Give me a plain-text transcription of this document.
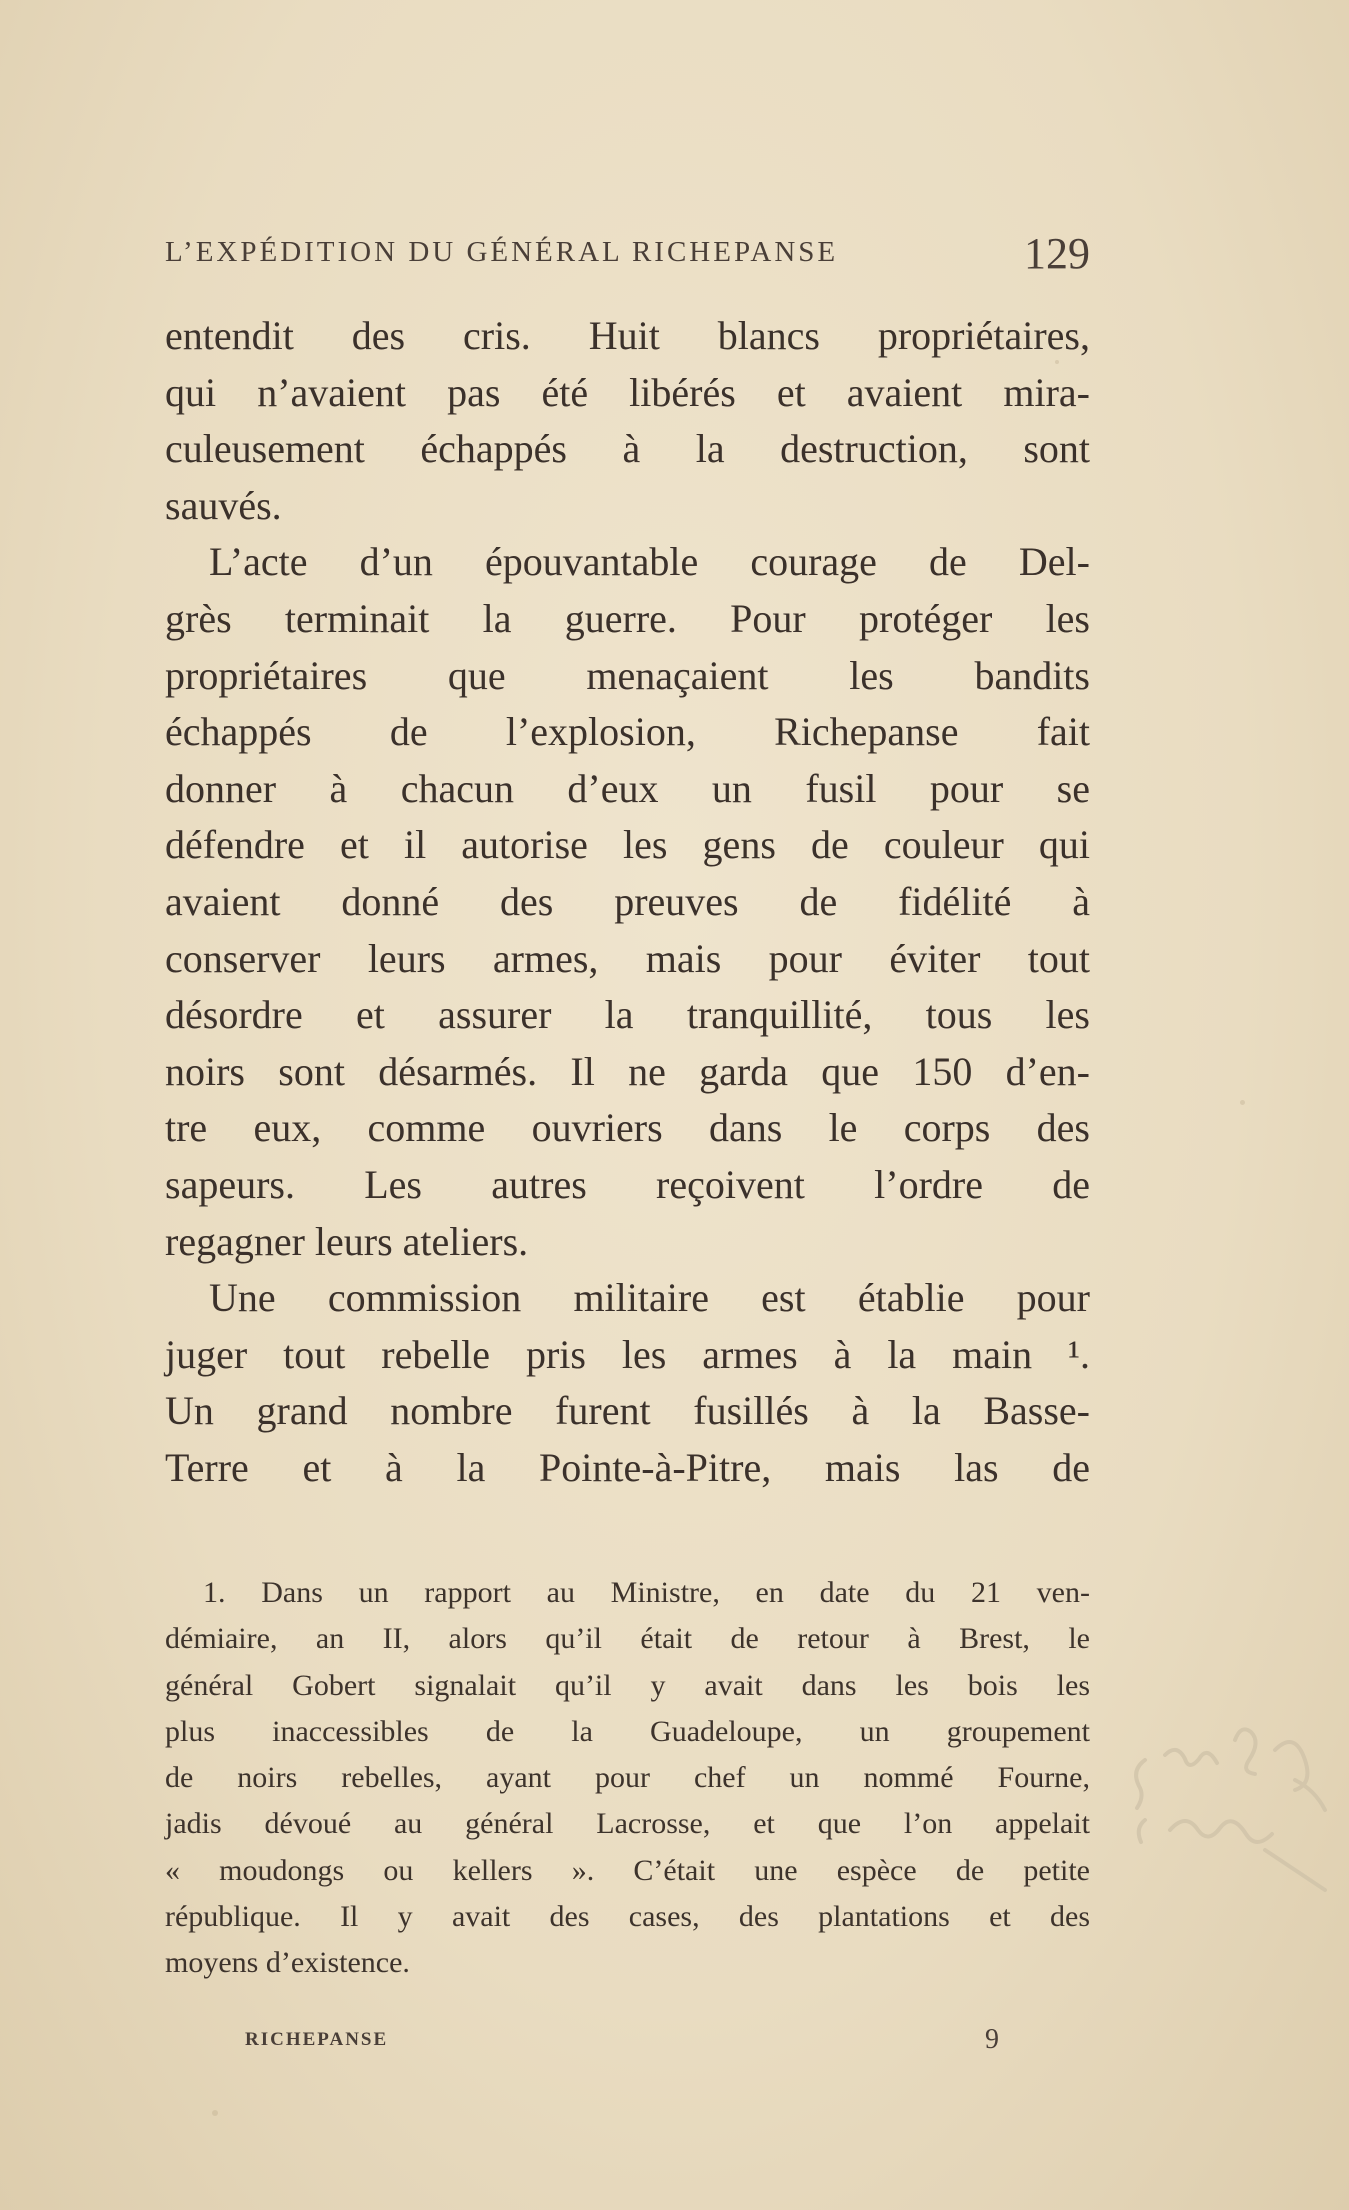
L’EXPÉDITION DU GÉNÉRAL RICHEPANSE	129
entendit des cris. Huit blancs propriétaires,
qui n’avaient pas été libérés et avaient mira-
culeusement échappés à la destruction, sont
sauvés.
L’acte d’un épouvantable courage de Del-
grès terminait la guerre. Pour protéger les
propriétaires que menaçaient les bandits
échappés de l’explosion, Richepanse fait
donner à chacun d’eux un fusil pour se
défendre et il autorise les gens de couleur qui
avaient donné des preuves de fidélité à
conserver leurs armes, mais pour éviter tout
désordre et assurer la tranquillité, tous les
noirs sont désarmés. Il ne garda que 150 d’en-
tre eux, comme ouvriers dans le corps des
sapeurs. Les autres reçoivent l’ordre de
regagner leurs ateliers.
Une commission militaire est établie pour
juger tout rebelle pris les armes à la main ¹.
Un grand nombre furent fusillés à la Basse-
Terre et à la Pointe-à-Pitre, mais las de
1. Dans un rapport au Ministre, en date du 21 ven-
démiaire, an II, alors qu’il était de retour à Brest, le
général Gobert signalait qu’il y avait dans les bois les
plus inaccessibles de la Guadeloupe, un groupement
de noirs rebelles, ayant pour chef un nommé Fourne,
jadis dévoué au général Lacrosse, et que l’on appelait
« moudongs ou kellers ». C’était une espèce de petite
république. Il y avait des cases, des plantations et des
moyens d’existence.
RICHEPANSE	9
